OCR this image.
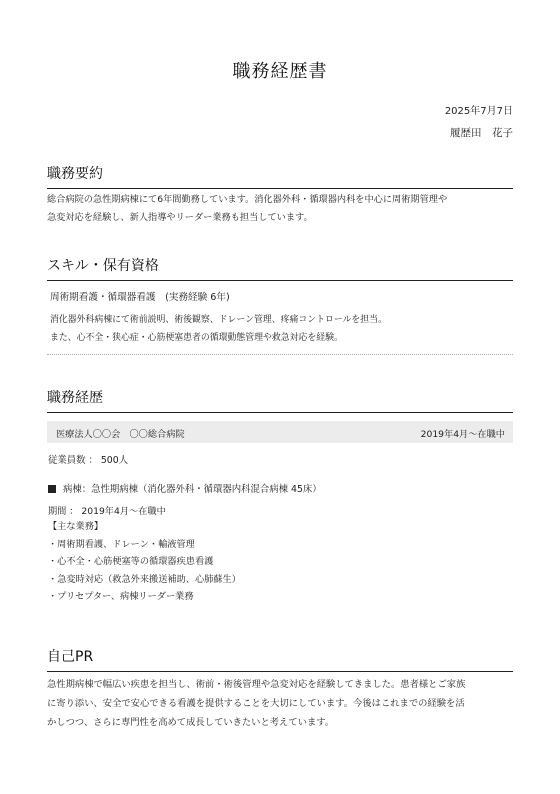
職務経歴書
2025年7月7日
履歴田　花子
職務要約
総合病院の急性期病棟にて6年間勤務しています。消化器外科・循環器内科を中心に周術期管理や
急変対応を経験し、新人指導やリーダー業務も担当しています。
スキル・保有資格
周術期看護・循環器看護　(実務経験 6年)
消化器外科病棟にて術前説明、術後観察、ドレーン管理、疼痛コントロールを担当。
また、心不全・狭心症・心筋梗塞患者の循環動態管理や救急対応を経験。
職務経歴
医療法人〇〇会　〇〇総合病院	2019年4月～在職中
従業員数 ： 500人
病棟：急性期病棟（消化器外科・循環器内科混合病棟 45床）
期間 ： 2019年4月～在職中
【主な業務】
・周術期看護、ドレーン・輸液管理
・心不全・心筋梗塞等の循環器疾患看護
・急変時対応（救急外来搬送補助、心肺蘇生）
・プリセプター、病棟リーダー業務
自己PR
急性期病棟で幅広い疾患を担当し、術前・術後管理や急変対応を経験してきました。患者様とご家族
に寄り添い、安全で安心できる看護を提供することを大切にしています。今後はこれまでの経験を活
かしつつ、さらに専門性を高めて成長していきたいと考えています。
